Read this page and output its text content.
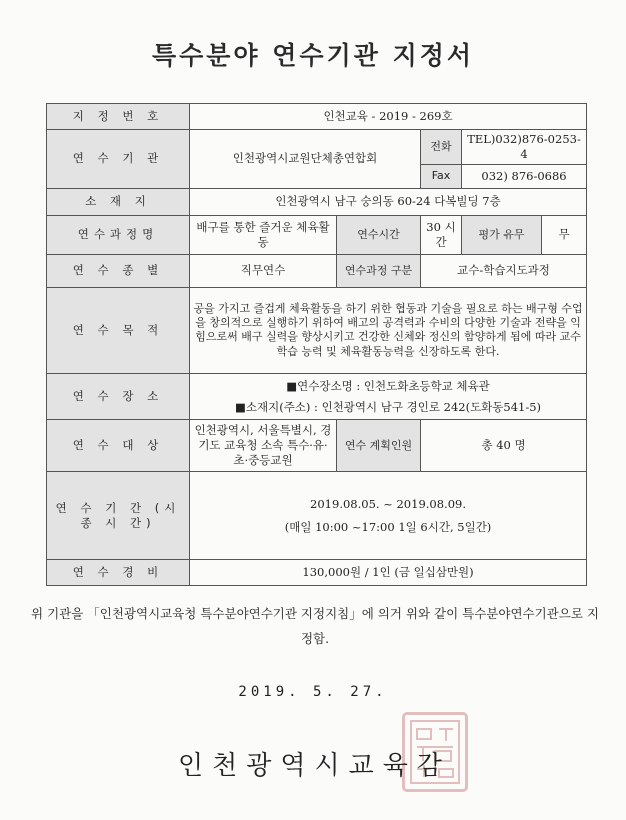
특수분야 연수기관 지정서
지 정 번 호	인천교육 - 2019 - 269호				
연 수 기 관	인천광역시교원단체총연합회		전화	TEL)032)876-0253-4	
			Fax	032) 876-0686	
소 재 지	인천광역시 남구 숭의동 60-24 다복빌딩 7층				
연수과정명	배구를 통한 즐거운 체육활동	연수시간	30 시간	평가 유무	무
연 수 종 별	직무연수	연수과정 구분	교수-학습지도과정		
연 수 목 적	공을 가지고 즐겁게 체육활동을 하기 위한 협동과 기술을 필요로 하는 배구형 수업을 창의적으로 실행하기 위하여 배고의 공격력과 수비의 다양한 기술과 전략을 익힘으로써 배구 실력을 향상시키고 건강한 신체와 정신의 함양하게 됨에 따라 교수학습 능력 및 체육활동능력을 신장하도록 한다.				
연 수 장 소	■연수장소명 : 인천도화초등학교 체육관
■소재지(주소) : 인천광역시 남구 경인로 242(도화동541-5)				

연 수 대 상	인천광역시, 서울특별시, 경기도 교육청 소속 특수·유·초·중등교원	연수 계획인원	총 40 명		
연 수 기 간 (시 종 시 간)	2019.08.05. ~ 2019.08.09.
(매일 10:00 ~17:00 1일 6시간, 5일간)				

연 수 경 비	130,000원 / 1인 (금 일십삼만원)				
위 기관을 「인천광역시교육청 특수분야연수기관 지정지침」에 의거 위와 같이 특수분야연수기관으로 지정함.
2019. 5. 27.
인천광역시교육감
